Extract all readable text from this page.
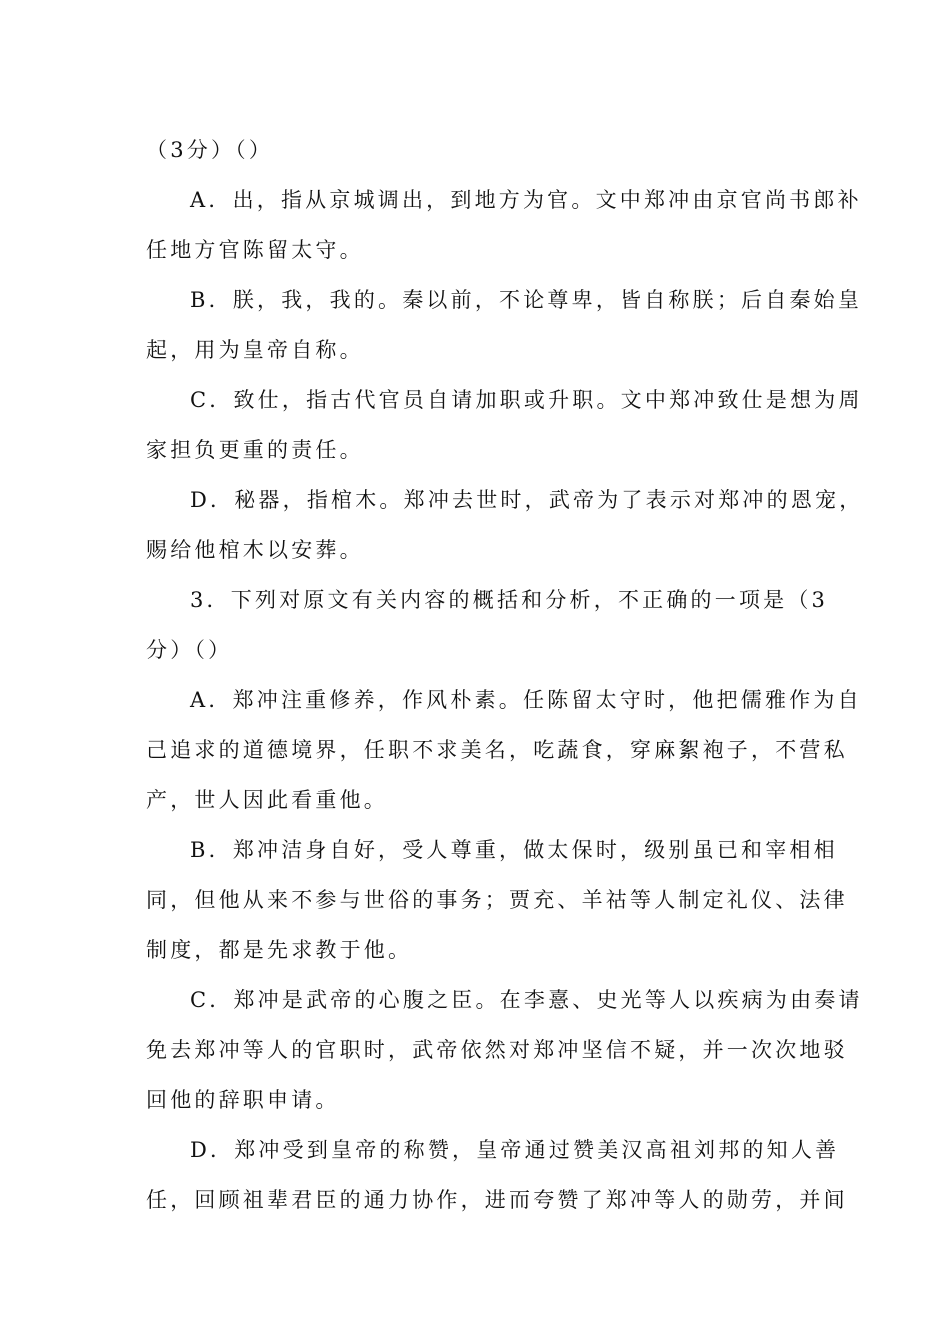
（3分）（）
A．出，指从京城调出，到地方为官。文中郑冲由京官尚书郎补
任地方官陈留太守。
B．朕，我，我的。秦以前，不论尊卑，皆自称朕；后自秦始皇
起，用为皇帝自称。
C．致仕，指古代官员自请加职或升职。文中郑冲致仕是想为周
家担负更重的责任。
D．秘器，指棺木。郑冲去世时，武帝为了表示对郑冲的恩宠，
赐给他棺木以安葬。
3．下列对原文有关内容的概括和分析，不正确的一项是（3
分）（）
A．郑冲注重修养，作风朴素。任陈留太守时，他把儒雅作为自
己追求的道德境界，任职不求美名，吃蔬食，穿麻絮袍子，不营私
产，世人因此看重他。
B．郑冲洁身自好，受人尊重，做太保时，级别虽已和宰相相
同，但他从来不参与世俗的事务；贾充、羊祜等人制定礼仪、法律
制度，都是先求教于他。
C．郑冲是武帝的心腹之臣。在李憙、史光等人以疾病为由奏请
免去郑冲等人的官职时，武帝依然对郑冲坚信不疑，并一次次地驳
回他的辞职申请。
D．郑冲受到皇帝的称赞，皇帝通过赞美汉高祖刘邦的知人善
任，回顾祖辈君臣的通力协作，进而夸赞了郑冲等人的勋劳，并间
